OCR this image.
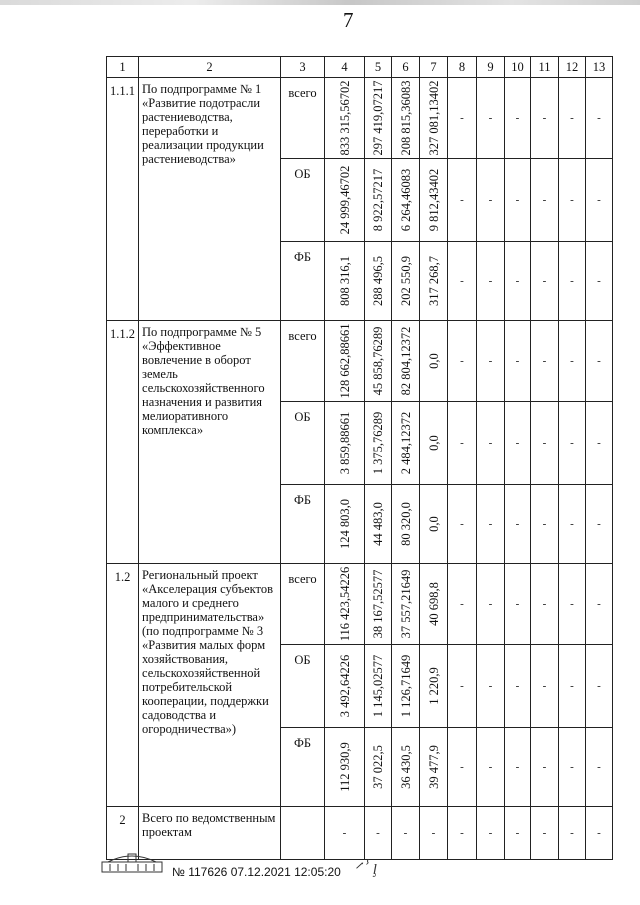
7
1	2	3	4	5	6	7	8	9	10	11	12	13
1.1.1	По подпрограмме № 1 «Развитие подотрасли растениеводства, переработки и реализации продукции растениеводства»	всего	833 315,56702	297 419,07217	208 815,36083	327 081,13402	-	-	-	-	-	-

		ОБ	24 999,46702	8 922,57217	6 264,46083	9 812,43402	-	-	-	-	-	-

		ФБ	808 316,1	288 496,5	202 550,9	317 268,7	-	-	-	-	-	-

1.1.2	По подпрограмме № 5 «Эффективное вовлечение в оборот земель сельскохозяйственного назначения и развития мелиоративного комплекса»	всего	128 662,88661	45 858,76289	82 804,12372	0,0	-	-	-	-	-	-

		ОБ	3 859,88661	1 375,76289	2 484,12372	0,0	-	-	-	-	-	-

		ФБ	124 803,0	44 483,0	80 320,0	0,0	-	-	-	-	-	-

1.2	Региональный проект «Акселерация субъектов малого и среднего предпринимательства» (по подпрограмме № 3 «Развития малых форм хозяйствования, сельскохозяйственной потребительской кооперации, поддержки садоводства и огородничества»)	всего	116 423,54226	38 167,52577	37 557,21649	40 698,8	-	-	-	-	-	-

		ОБ	3 492,64226	1 145,02577	1 126,71649	1 220,9	-	-	-	-	-	-

		ФБ	112 930,9	37 022,5	36 430,5	39 477,9	-	-	-	-	-	-

2	Всего по ведомственным проектам		-	-	-	-	-	-	-	-	-	-
№ 117626 07.12.2021 12:05:20 ᐟ͘ⸯ ᶅ
